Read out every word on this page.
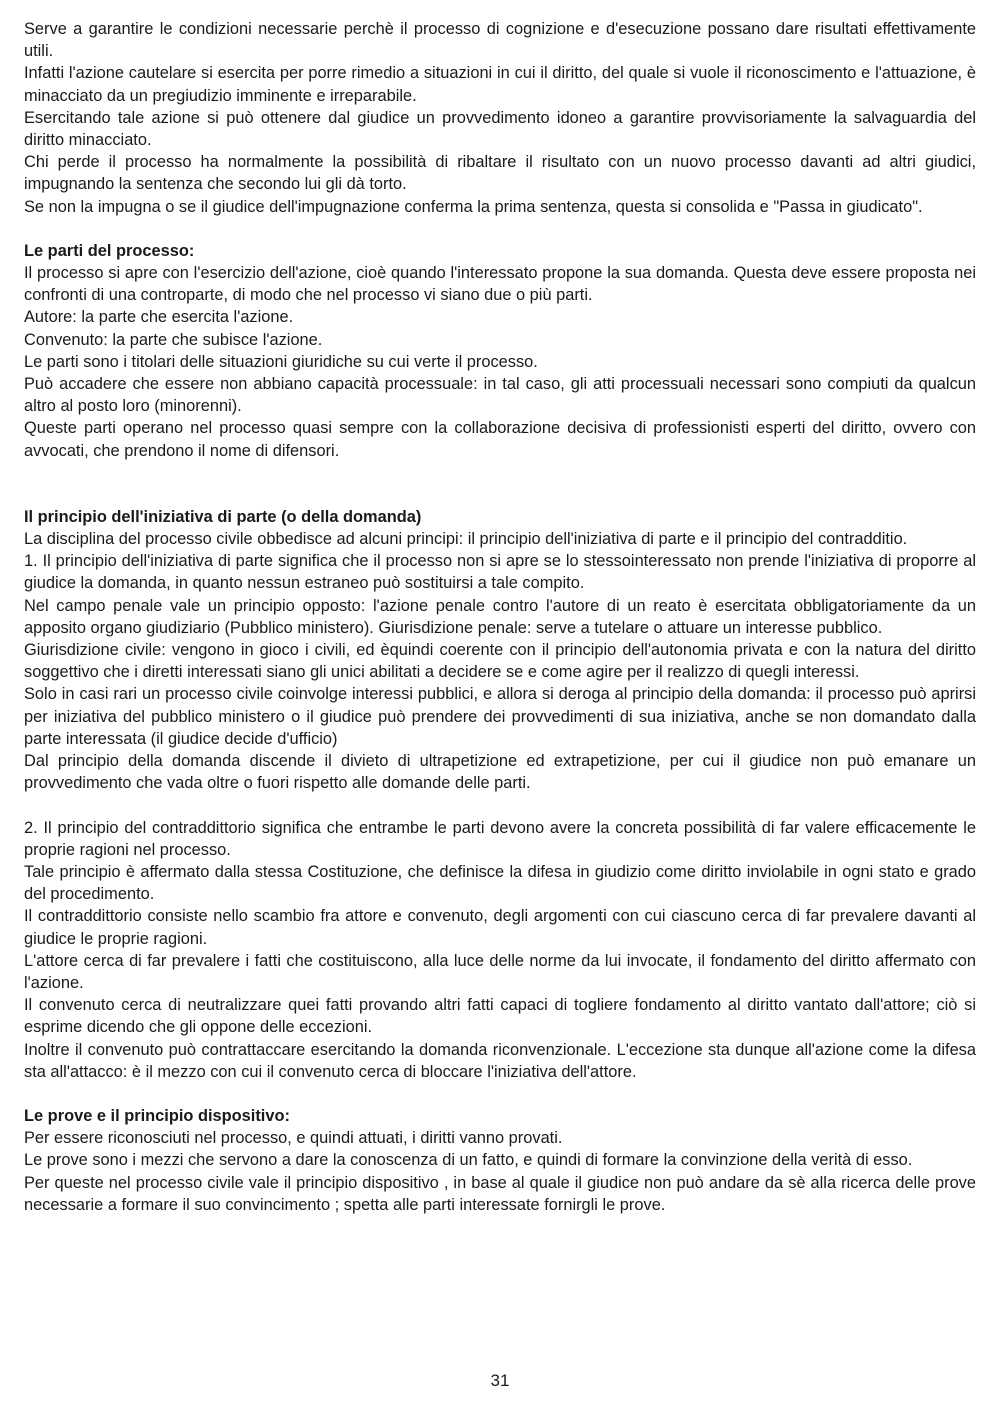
Serve a garantire le condizioni necessarie perchè il processo di cognizione e d'esecuzione possano dare risultati effettivamente utili.

Infatti l'azione cautelare si esercita per porre rimedio a situazioni in cui il diritto, del quale si vuole il riconoscimento e l'attuazione, è minacciato da un pregiudizio imminente e irreparabile.

Esercitando tale azione si può ottenere dal giudice un provvedimento idoneo a garantire provvisoriamente la salvaguardia del diritto minacciato.

Chi perde il processo ha normalmente la possibilità di ribaltare il risultato con un nuovo processo davanti ad altri giudici, impugnando la sentenza che secondo lui gli dà torto.

Se non la impugna o se il giudice dell'impugnazione conferma la prima sentenza, questa si consolida e "Passa in giudicato".

Le parti del processo:

Il processo si apre con l'esercizio dell'azione, cioè quando l'interessato propone la sua domanda. Questa deve essere proposta nei confronti di una controparte, di modo che nel processo vi siano due o più parti.

Autore: la parte che esercita l'azione.

Convenuto: la parte che subisce l'azione.

Le parti sono i titolari delle situazioni giuridiche su cui verte il processo.

Può accadere che essere non abbiano capacità processuale: in tal caso, gli atti processuali necessari sono compiuti da qualcun altro al posto loro (minorenni).

Queste parti operano nel processo quasi sempre con la collaborazione decisiva di professionisti esperti del diritto, ovvero con avvocati, che prendono il nome di difensori.

Il principio dell'iniziativa di parte (o della domanda)

La disciplina del processo civile obbedisce ad alcuni principi: il principio dell'iniziativa di parte e il principio del contradditio.

1. Il principio dell'iniziativa di parte significa che il processo non si apre se lo stessointeressato non prende l'iniziativa di proporre al giudice la domanda, in quanto nessun estraneo può sostituirsi a tale compito.

Nel campo penale vale un principio opposto: l'azione penale contro l'autore di un reato è esercitata obbligatoriamente da un apposito organo giudiziario (Pubblico ministero). Giurisdizione penale: serve a tutelare o attuare un interesse pubblico.

Giurisdizione civile: vengono in gioco i civili, ed èquindi coerente con il principio dell'autonomia privata e con la natura del diritto soggettivo che i diretti interessati siano gli unici abilitati a decidere se e come agire per il realizzo di quegli interessi.

Solo in casi rari un processo civile coinvolge interessi pubblici, e allora si deroga al principio della domanda: il processo può aprirsi per iniziativa del pubblico ministero o il giudice può prendere dei provvedimenti di sua iniziativa, anche se non domandato dalla parte interessata (il giudice decide d'ufficio)

Dal principio della domanda discende il divieto di ultrapetizione ed extrapetizione, per cui il giudice non può emanare un provvedimento che vada oltre o fuori rispetto alle domande delle parti.

2. Il principio del contraddittorio significa che entrambe le parti devono avere la concreta possibilità di far valere efficacemente le proprie ragioni nel processo.

Tale principio è affermato dalla stessa Costituzione, che definisce la difesa in giudizio come diritto inviolabile in ogni stato e grado del procedimento.

Il contraddittorio consiste nello scambio fra attore e convenuto, degli argomenti con cui ciascuno cerca di far prevalere davanti al giudice le proprie ragioni.

L'attore cerca di far prevalere i fatti che costituiscono, alla luce delle norme da lui invocate, il fondamento del diritto affermato con l'azione.

Il convenuto cerca di neutralizzare quei fatti provando altri fatti capaci di togliere fondamento al diritto vantato dall'attore; ciò si esprime dicendo che gli oppone delle eccezioni.

Inoltre il convenuto può contrattaccare esercitando la domanda riconvenzionale. L'eccezione sta dunque all'azione come la difesa sta all'attacco: è il mezzo con cui il convenuto cerca di bloccare l'iniziativa dell'attore.

Le prove e il principio dispositivo:

Per essere riconosciuti nel processo, e quindi attuati, i diritti vanno provati.

Le prove sono i mezzi che servono a dare la conoscenza di un fatto, e quindi di formare la convinzione della verità di esso.

Per queste nel processo civile vale il principio dispositivo , in base al quale il giudice non può andare da sè alla ricerca delle prove necessarie a formare il suo convincimento ; spetta alle parti interessate fornirgli le prove.

31
